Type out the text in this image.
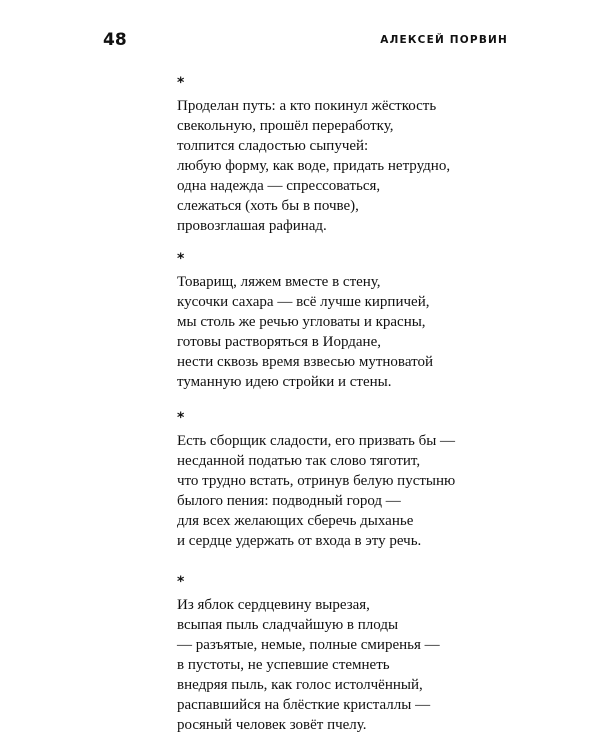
48	АЛЕКСЕЙ ПОРВИН
*
Проделан путь: а кто покинул жёсткость
свекольную, прошёл переработку,
толпится сладостью сыпучей:
любую форму, как воде, придать нетрудно,
одна надежда — спрессоваться,
слежаться (хоть бы в почве),
провозглашая рафинад.
*
Товарищ, ляжем вместе в стену,
кусочки сахара — всё лучше кирпичей,
мы столь же речью угловаты и красны,
готовы растворяться в Иордане,
нести сквозь время взвесью мутноватой
туманную идею стройки и стены.
*
Есть сборщик сладости, его призвать бы —
несданной податью так слово тяготит,
что трудно встать, отринув белую пустыню
былого пения: подводный город —
для всех желающих сберечь дыханье
и сердце удержать от входа в эту речь.
*
Из яблок сердцевину вырезая,
всыпая пыль сладчайшую в плоды
— разъятые, немые, полные смиренья —
в пустоты, не успевшие стемнеть
внедряя пыль, как голос истолчённый,
распавшийся на блёсткие кристаллы —
росяный человек зовёт пчелу.
